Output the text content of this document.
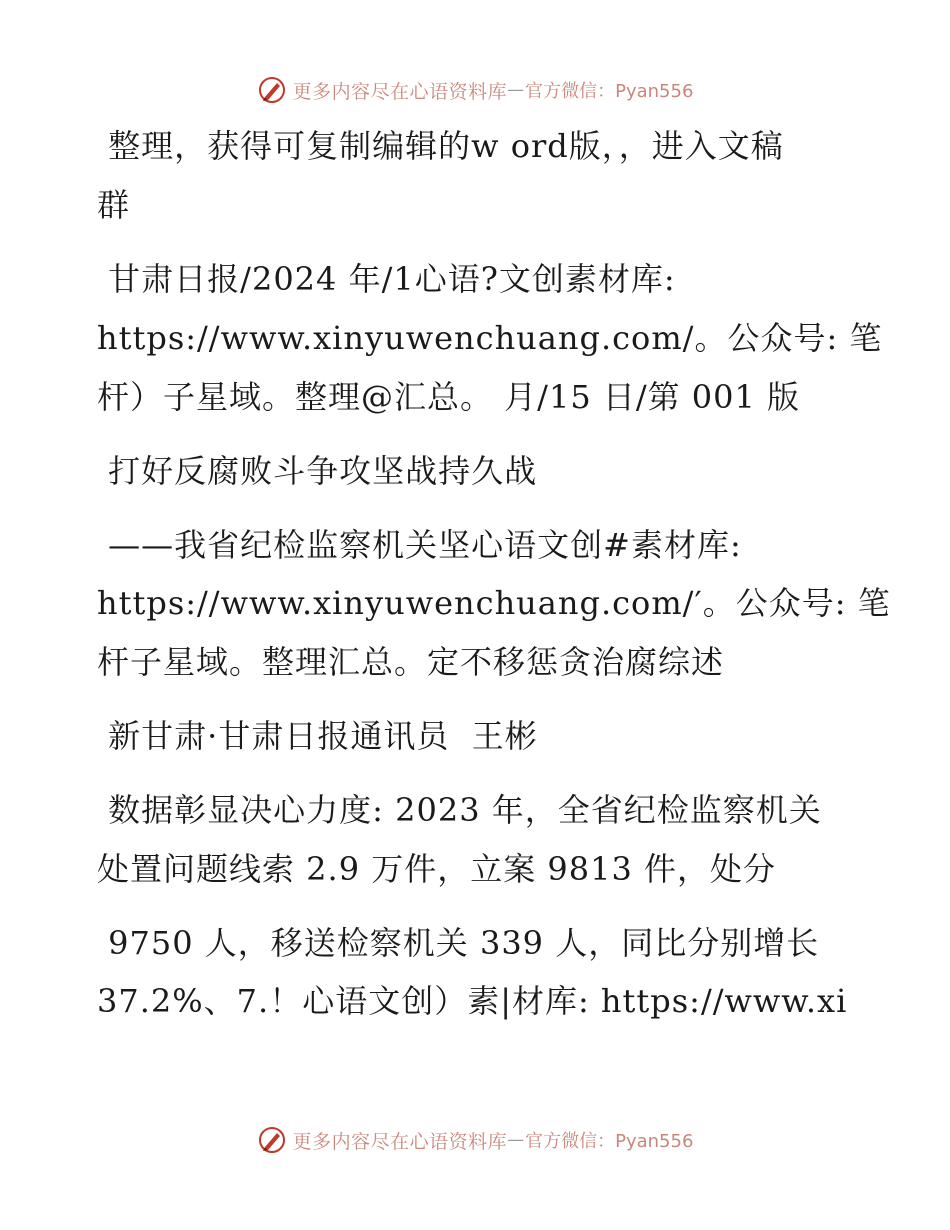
更多内容尽在心语资料库 — 官方微信：Pyan556
整理，获得可复制编辑的w ord版，，进入文稿
群
甘肃日报/2024 年/1心语?文创素材库:
https://www.xinyuwenchuang.com/。公众号: 笔
杆）子星域。整理@汇总。 月/15 日/第 001 版
打好反腐败斗争攻坚战持久战
——我省纪检监察机关坚心语文创#素材库:
https://www.xinyuwenchuang.com/′。公众号: 笔
杆子星域。整理汇总。定不移惩贪治腐综述
新甘肃·甘肃日报通讯员  王彬
数据彰显决心力度: 2023 年，全省纪检监察机关
处置问题线索 2.9 万件，立案 9813 件，处分
9750 人，移送检察机关 339 人，同比分别增长
37.2%、7.！心语文创）素|材库: https://www.xi
更多内容尽在心语资料库 — 官方微信：Pyan556
